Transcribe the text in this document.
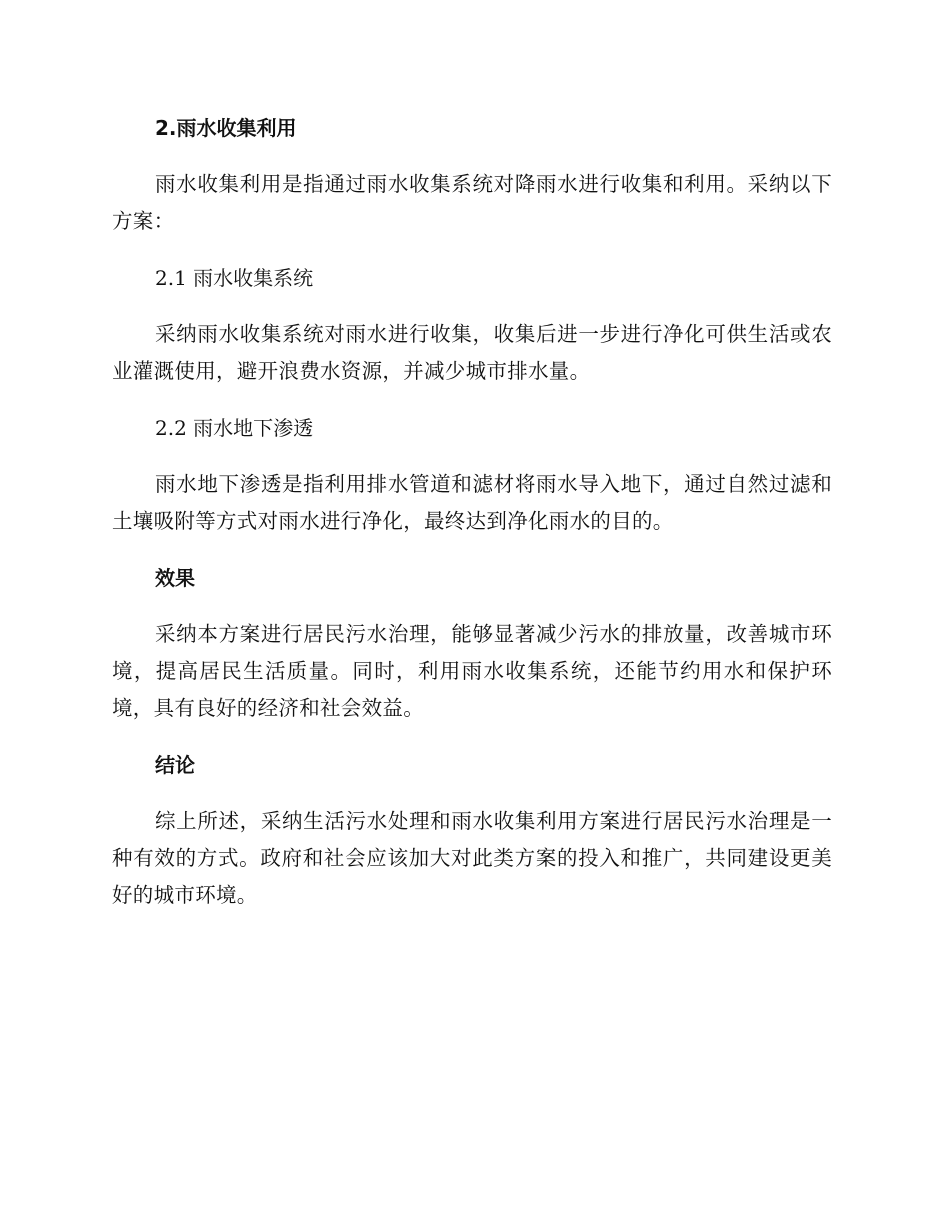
2.雨水收集利用

雨水收集利用是指通过雨水收集系统对降雨水进行收集和利用。采纳以下方案：

2.1 雨水收集系统

采纳雨水收集系统对雨水进行收集，收集后进一步进行净化可供生活或农业灌溉使用，避开浪费水资源，并减少城市排水量。

2.2 雨水地下渗透

雨水地下渗透是指利用排水管道和滤材将雨水导入地下，通过自然过滤和土壤吸附等方式对雨水进行净化，最终达到净化雨水的目的。

效果

采纳本方案进行居民污水治理，能够显著减少污水的排放量，改善城市环境，提高居民生活质量。同时，利用雨水收集系统，还能节约用水和保护环境，具有良好的经济和社会效益。

结论

综上所述，采纳生活污水处理和雨水收集利用方案进行居民污水治理是一种有效的方式。政府和社会应该加大对此类方案的投入和推广，共同建设更美好的城市环境。
